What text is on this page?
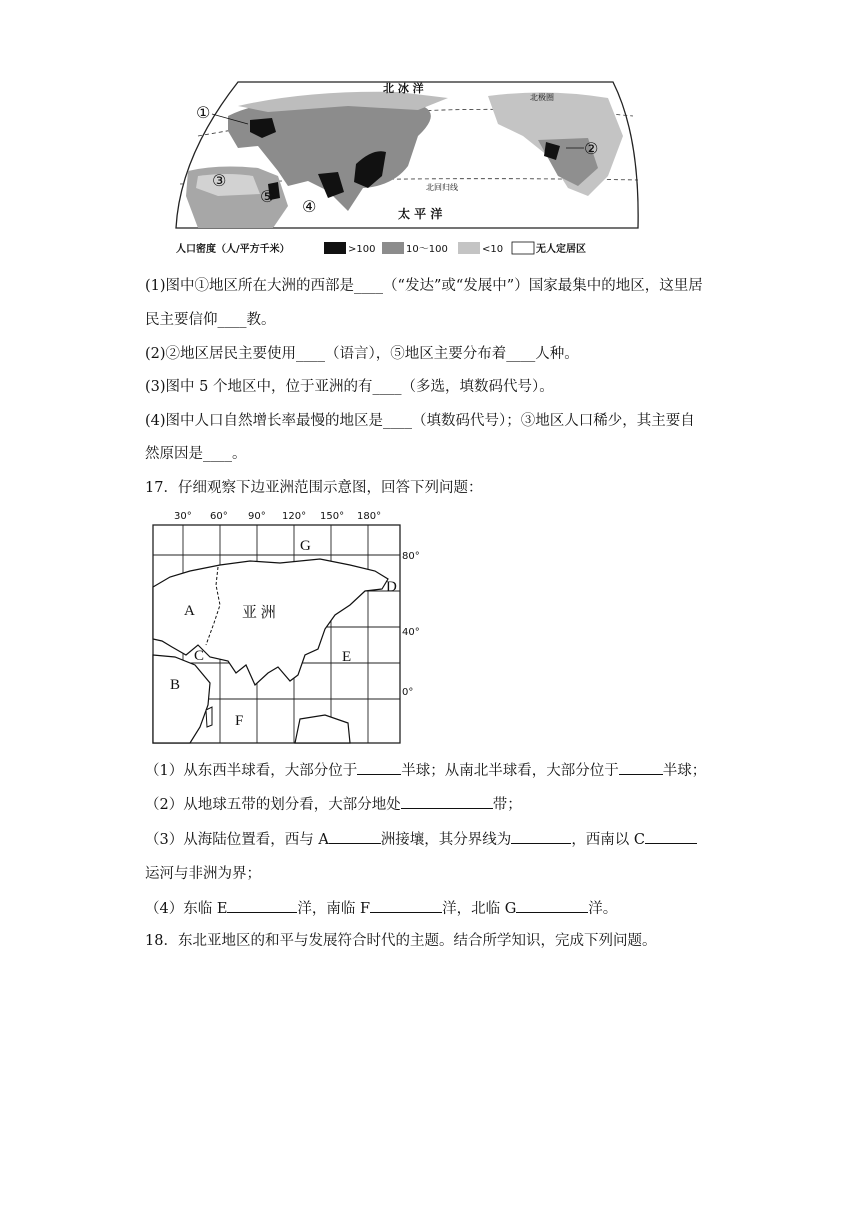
北 冰 洋
太 平 洋
北极圈
北回归线
①
②
③
④
⑤
人口密度（人/平方千米）	>100	10～100	<10	无人定居区
(1)图中①地区所在大洲的西部是____（“发达”或“发展中”）国家最集中的地区，这里居
民主要信仰____教。
(2)②地区居民主要使用____（语言），⑤地区主要分布着____人种。
(3)图中 5 个地区中，位于亚洲的有____（多选，填数码代号）。
(4)图中人口自然增长率最慢的地区是____（填数码代号）；③地区人口稀少，其主要自
然原因是____。
17．仔细观察下边亚洲范围示意图，回答下列问题：
30° 60° 90° 120° 150° 180°
80°
40°
0°
亚 洲
A
B
C
D
E
F
G
（1）从东西半球看，大部分位于	半球；从南北半球看，大部分位于	半球；
（2）从地球五带的划分看，大部分地处	带；
（3）从海陆位置看，西与 A	洲接壤，其分界线为	，西南以 C
运河与非洲为界；
（4）东临 E	洋，南临 F	洋，北临 G	洋。
18．东北亚地区的和平与发展符合时代的主题。结合所学知识，完成下列问题。
